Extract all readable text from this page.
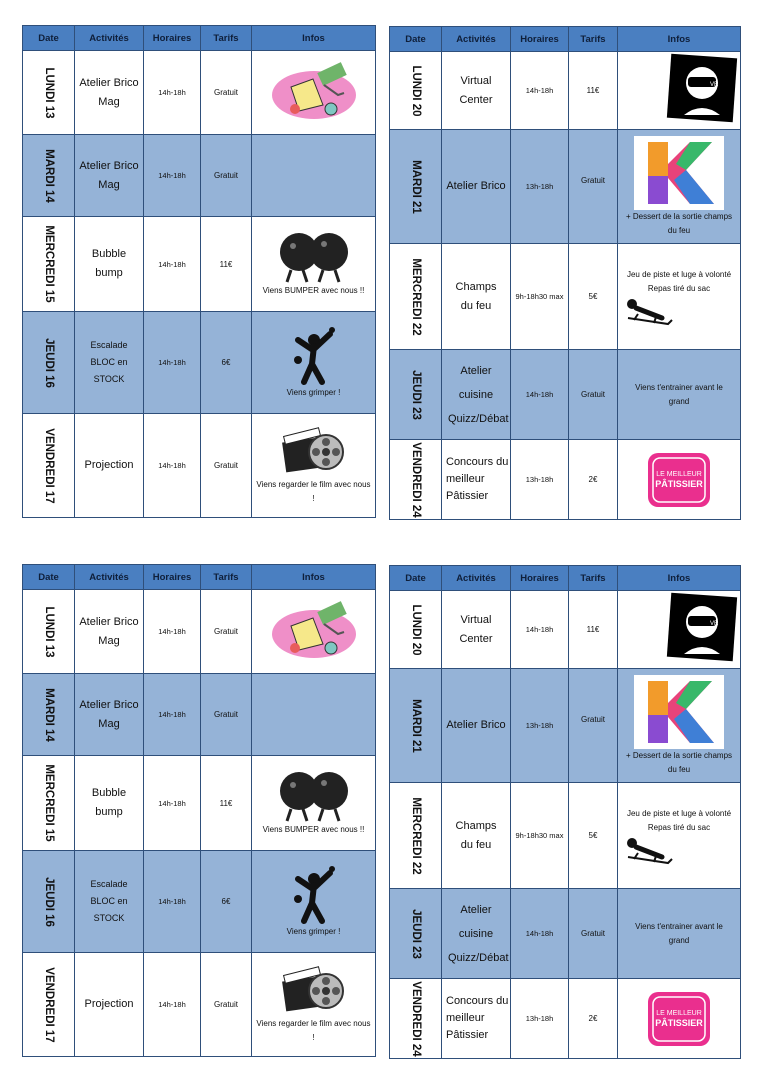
Date	Activités	Horaires	Tarifs	Infos

LUNDI 13	Atelier Brico Mag	14h-18h	Gratuit	

MARDI 14	Atelier Brico Mag	14h-18h	Gratuit	

MERCREDI 15	Bubble bump	14h-18h	11€	Viens BUMPER avec nous !!

JEUDI 16	Escalade BLOC en STOCK	14h-18h	6€	Viens grimper !

VENDREDI 17	Projection	14h-18h	Gratuit	Viens regarder le film avec nous !
Date	Activités	Horaires	Tarifs	Infos

LUNDI 20	Virtual Center	14h-18h	11€	VR

MARDI 21	Atelier Brico	13h-18h	Gratuit	+ Dessert de la sortie champs du feu

MERCREDI 22	Champs du feu	9h-18h30 max	5€	Jeu de piste et luge à volonté
Repas tiré du sac

JEUDI 23	Atelier cuisine Quizz/Débat	14h-18h	Gratuit	Viens t'entrainer avant le grand

VENDREDI 24	Concours du meilleur Pâtissier	13h-18h	2€	LE MEILLEUR
PÂTISSIER
Date	Activités	Horaires	Tarifs	Infos

LUNDI 13	Atelier Brico Mag	14h-18h	Gratuit	

MARDI 14	Atelier Brico Mag	14h-18h	Gratuit	

MERCREDI 15	Bubble bump	14h-18h	11€	Viens BUMPER avec nous !!

JEUDI 16	Escalade BLOC en STOCK	14h-18h	6€	Viens grimper !

VENDREDI 17	Projection	14h-18h	Gratuit	Viens regarder le film avec nous !
Date	Activités	Horaires	Tarifs	Infos

LUNDI 20	Virtual Center	14h-18h	11€	VR

MARDI 21	Atelier Brico	13h-18h	Gratuit	+ Dessert de la sortie champs du feu

MERCREDI 22	Champs du feu	9h-18h30 max	5€	Jeu de piste et luge à volonté
Repas tiré du sac

JEUDI 23	Atelier cuisine Quizz/Débat	14h-18h	Gratuit	Viens t'entrainer avant le grand

VENDREDI 24	Concours du meilleur Pâtissier	13h-18h	2€	LE MEILLEUR
PÂTISSIER
